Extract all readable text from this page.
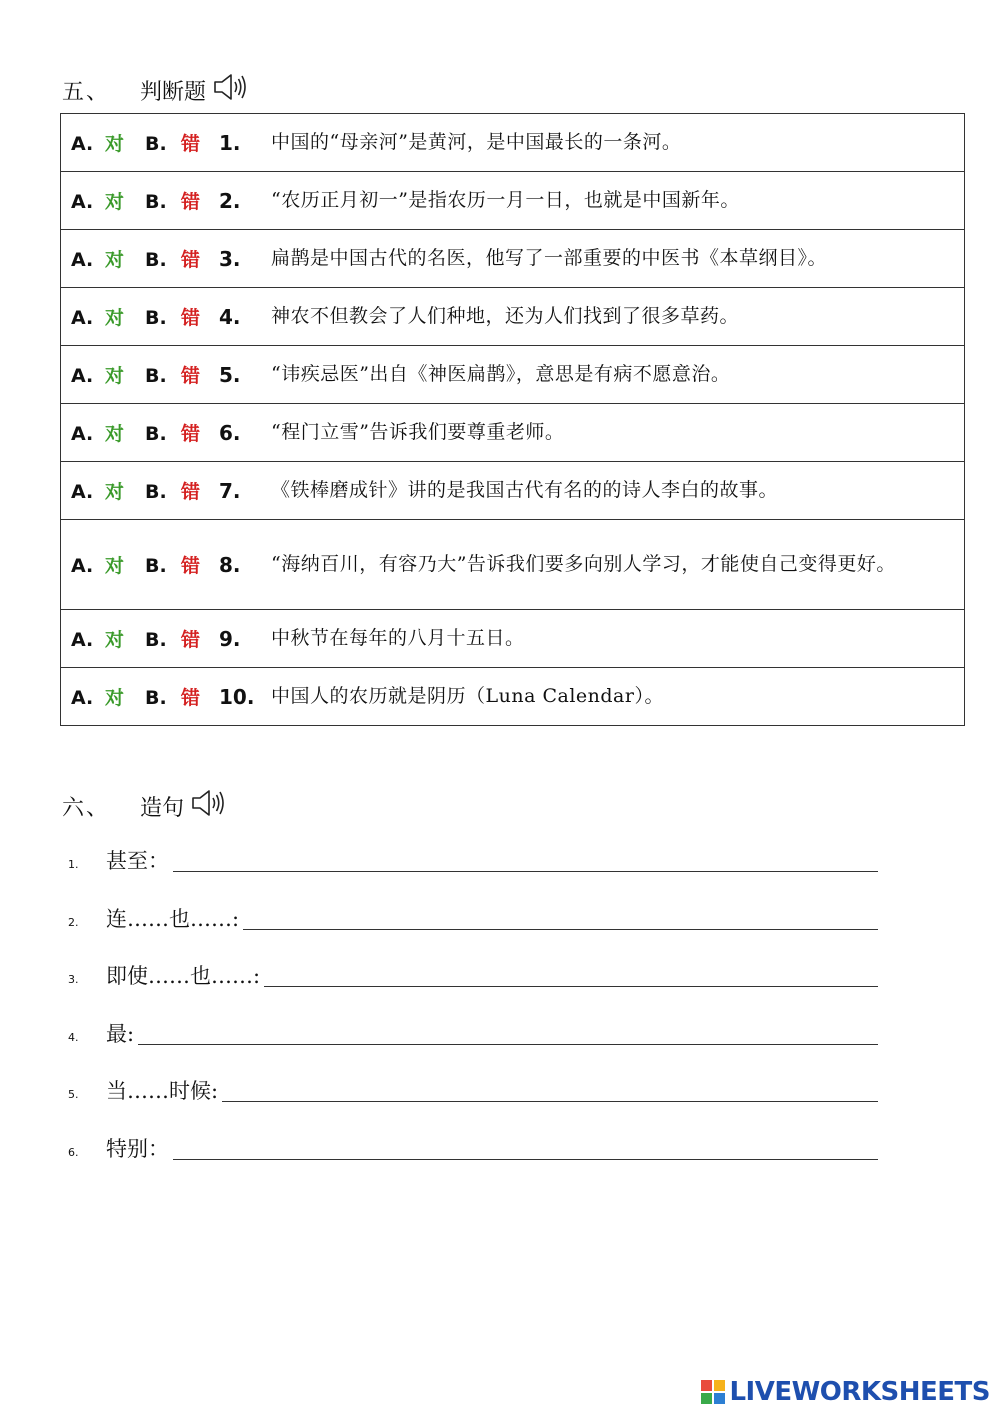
五、 判断题
A. 对 B. 错 1.	中国的“母亲河”是黄河，是中国最长的一条河。
A. 对 B. 错 2.	“农历正月初一”是指农历一月一日，也就是中国新年。
A. 对 B. 错 3.	扁鹊是中国古代的名医，他写了一部重要的中医书《本草纲目》。
A. 对 B. 错 4.	神农不但教会了人们种地，还为人们找到了很多草药。
A. 对 B. 错 5.	“讳疾忌医”出自《神医扁鹊》，意思是有病不愿意治。
A. 对 B. 错 6.	“程门立雪”告诉我们要尊重老师。
A. 对 B. 错 7.	《铁棒磨成针》讲的是我国古代有名的的诗人李白的故事。
A. 对 B. 错 8.	“海纳百川，有容乃大”告诉我们要多向别人学习，才能使自己变得更好。
A. 对 B. 错 9.	中秋节在每年的八月十五日。
A. 对 B. 错 10.	中国人的农历就是阴历（Luna Calendar）。
六、 造句
1.	甚至：
2.	连……也……:
3.	即使……也……:
4.	最:
5.	当……时候:
6.	特别：
LIVEWORKSHEETS
